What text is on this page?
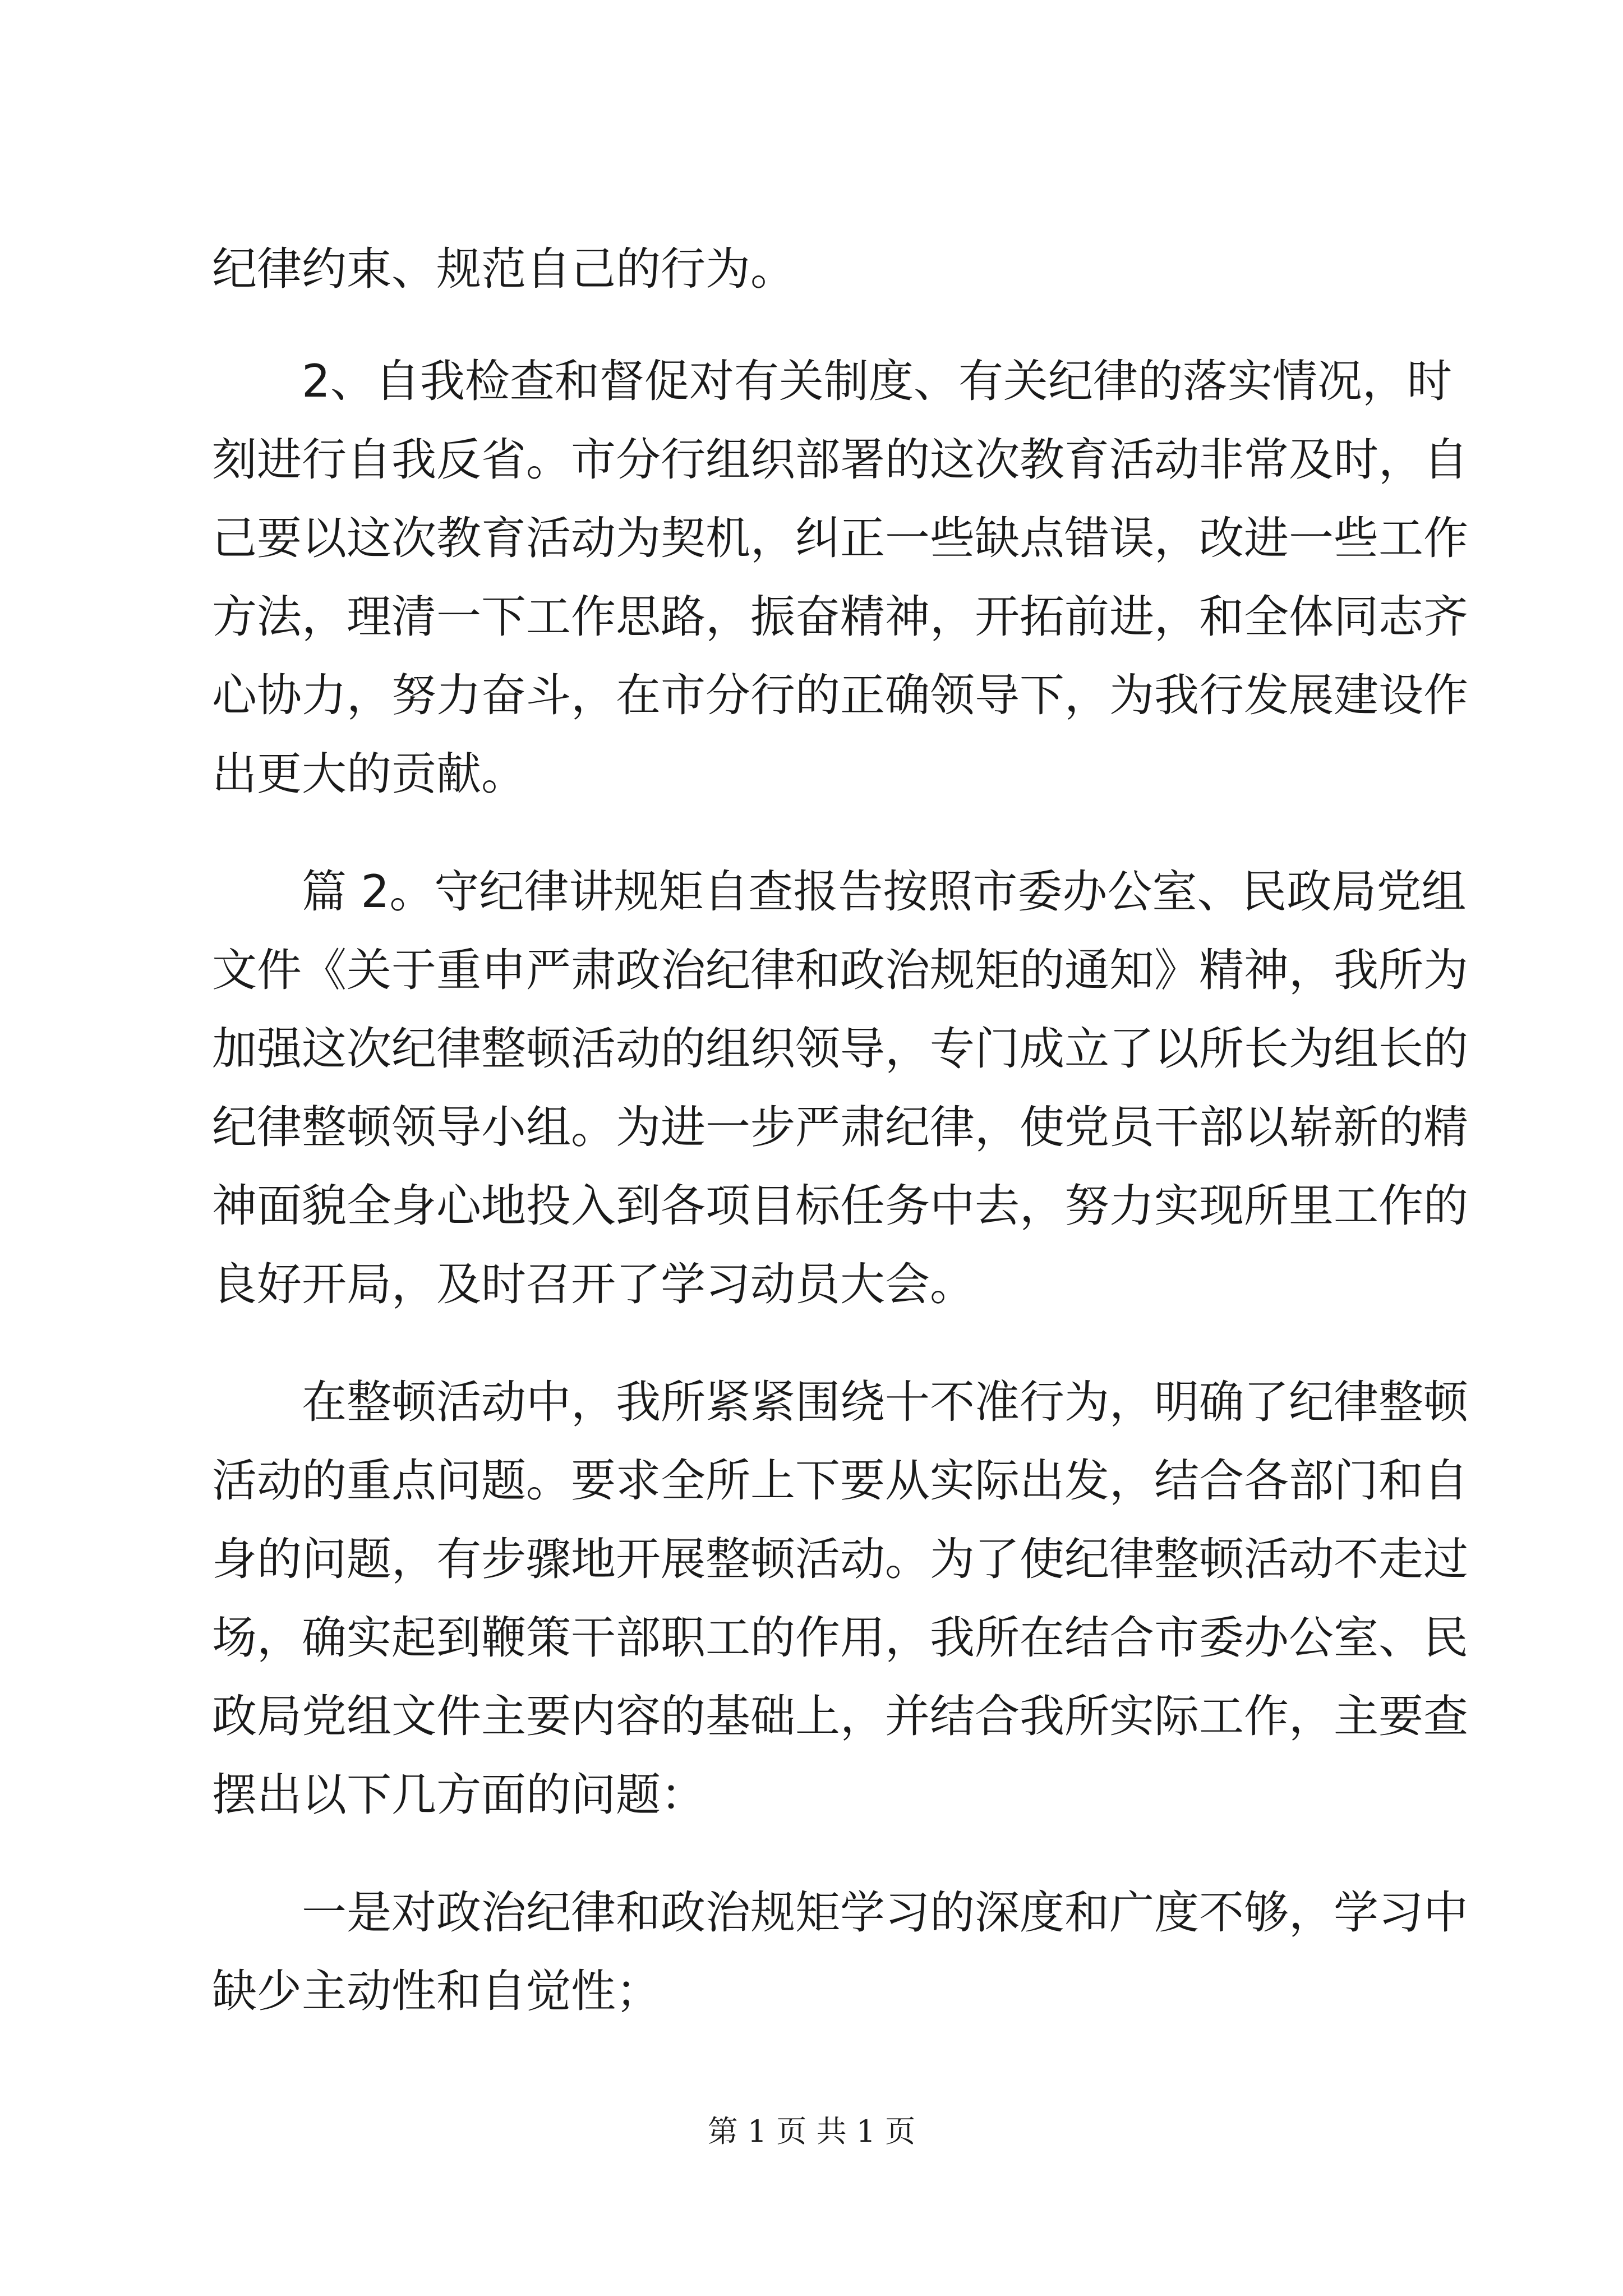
纪律约束、规范自己的行为。
2、自我检查和督促对有关制度、有关纪律的落实情况，时
刻进行自我反省。市分行组织部署的这次教育活动非常及时，自
己要以这次教育活动为契机，纠正一些缺点错误，改进一些工作
方法，理清一下工作思路，振奋精神，开拓前进，和全体同志齐
心协力，努力奋斗，在市分行的正确领导下，为我行发展建设作
出更大的贡献。
篇 2。守纪律讲规矩自查报告按照市委办公室、民政局党组
文件《关于重申严肃政治纪律和政治规矩的通知》精神，我所为
加强这次纪律整顿活动的组织领导，专门成立了以所长为组长的
纪律整顿领导小组。为进一步严肃纪律，使党员干部以崭新的精
神面貌全身心地投入到各项目标任务中去，努力实现所里工作的
良好开局，及时召开了学习动员大会。
在整顿活动中，我所紧紧围绕十不准行为，明确了纪律整顿
活动的重点问题。要求全所上下要从实际出发，结合各部门和自
身的问题，有步骤地开展整顿活动。为了使纪律整顿活动不走过
场，确实起到鞭策干部职工的作用，我所在结合市委办公室、民
政局党组文件主要内容的基础上，并结合我所实际工作，主要查
摆出以下几方面的问题：
一是对政治纪律和政治规矩学习的深度和广度不够，学习中
缺少主动性和自觉性；
第 1 页 共 1 页
